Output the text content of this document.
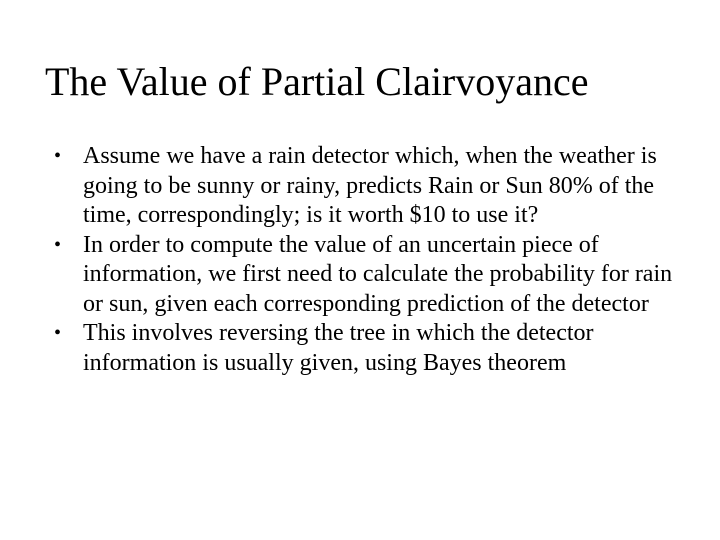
The Value of Partial Clairvoyance
• Assume we have a rain detector which, when the weather is going to be sunny or rainy, predicts Rain or Sun 80% of the time, correspondingly; is it worth $10 to use it?
• In order to compute the value of an uncertain piece of information, we first need to calculate the probability for rain or sun, given each corresponding prediction of the detector
• This involves reversing the tree in which the detector information is usually given, using Bayes theorem
